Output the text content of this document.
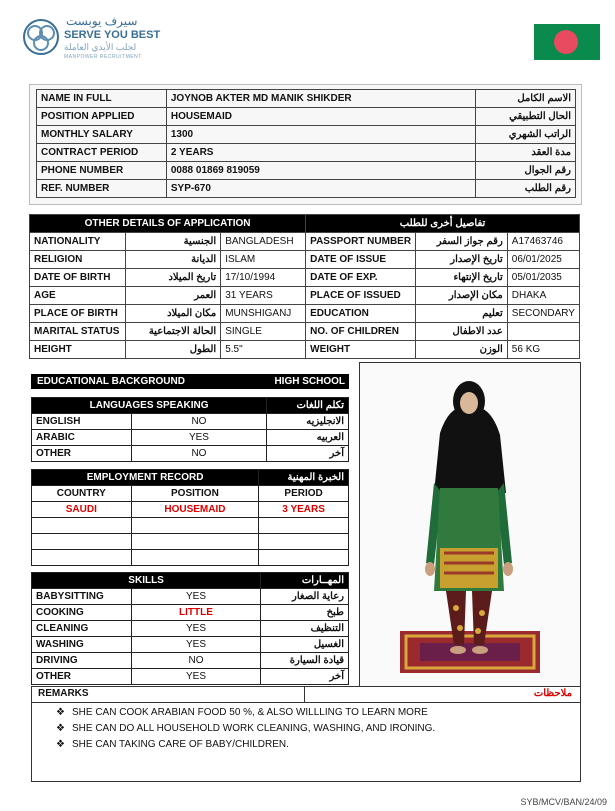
سيرف يوبست
SERVE YOU BEST
لجلب الأيدي العاملة
MANPOWER RECRUITMENT
NAME IN FULL	JOYNOB AKTER MD MANIK SHIKDER	الاسم الكامل
POSITION APPLIED	HOUSEMAID	الحال التطبيقي
MONTHLY SALARY	1300	الراتب الشهري
CONTRACT PERIOD	2 YEARS	مدة العقد
PHONE NUMBER	0088 01869 819059	رقم الجوال
REF. NUMBER	SYP-670	رقم الطلب
OTHER DETAILS OF APPLICATION			تفاصيل أخرى للطلب		
NATIONALITY	الجنسية	BANGLADESH	PASSPORT NUMBER	رقم جواز السفر	A17463746
RELIGION	الديانة	ISLAM	DATE OF ISSUE	تاريخ الإصدار	06/01/2025
DATE OF BIRTH	تاريخ الميلاد	17/10/1994	DATE OF EXP.	تاريخ الإنتهاء	05/01/2035
AGE	العمر	31 YEARS	PLACE OF ISSUED	مكان الإصدار	DHAKA
PLACE OF BIRTH	مكان الميلاد	MUNSHIGANJ	EDUCATION	تعليم	SECONDARY
MARITAL STATUS	الحالة الاجتماعية	SINGLE	NO. OF CHILDREN	عدد الاطفال	
HEIGHT	الطول	5.5"	WEIGHT	الوزن	56 KG
EDUCATIONAL BACKGROUND	HIGH SCHOOL
LANGUAGES SPEAKING		تكلم اللغات
ENGLISH	NO	الانجليزيه
ARABIC	YES	العربيه
OTHER	NO	آخر
EMPLOYMENT RECORD		الخبرة المهنية
COUNTRY	POSITION	PERIOD
SAUDI	HOUSEMAID	3 YEARS

SKILLS		المهــارات
BABYSITTING	YES	رعاية الصغار
COOKING	LITTLE	طبخ
CLEANING	YES	التنظيف
WASHING	YES	الغسيل
DRIVING	NO	قيادة السيارة
OTHER	YES	آخر
REMARKS	ملاحظات
❖ SHE CAN COOK ARABIAN FOOD 50 %, & ALSO WILLLING TO LEARN MORE
❖ SHE CAN DO ALL HOUSEHOLD WORK CLEANING, WASHING, AND IRONING.
❖ SHE CAN TAKING CARE OF BABY/CHILDREN.
SYB/MCV/BAN/24/09
